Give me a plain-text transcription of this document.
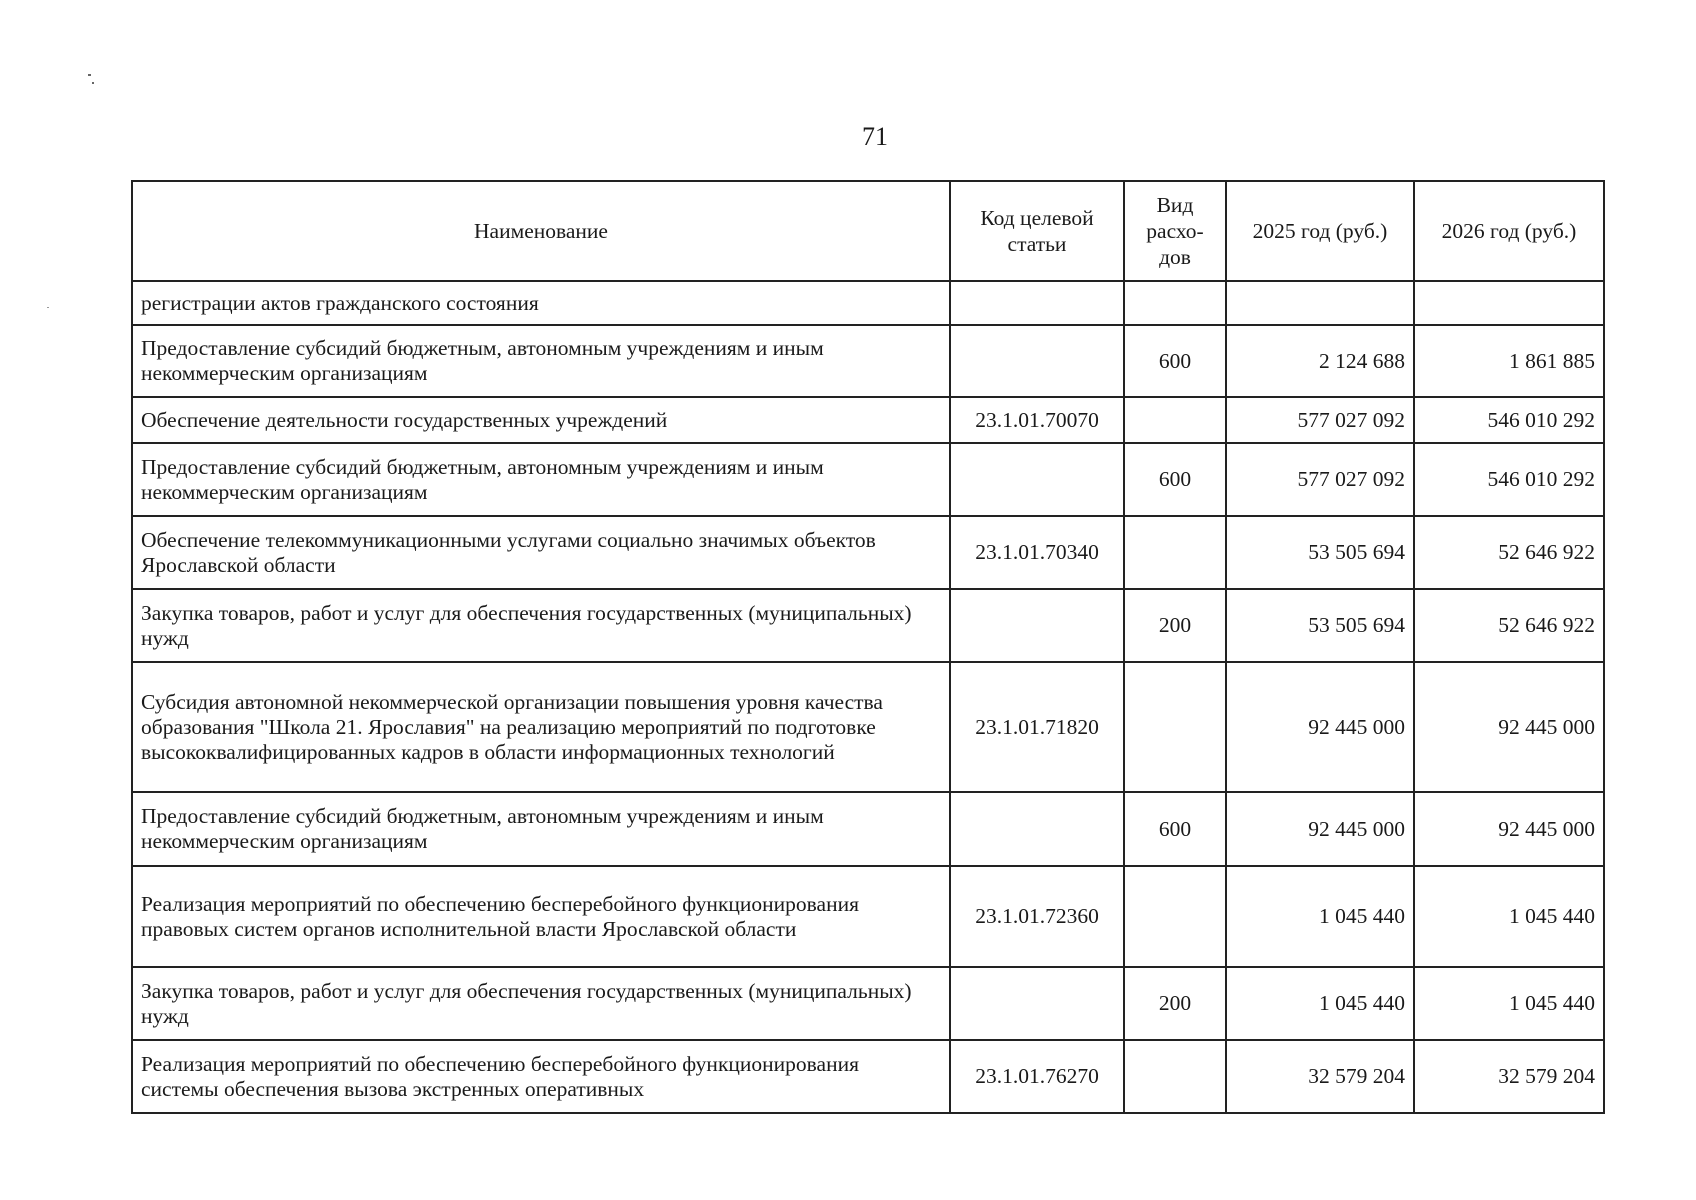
71
Наименование	Код целевой статьи	Вид расхо-дов	2025 год (руб.)	2026 год (руб.)
регистрации актов гражданского состояния				
Предоставление субсидий бюджетным, автономным учреждениям и иным некоммерческим организациям		600	2 124 688	1 861 885
Обеспечение деятельности государственных учреждений	23.1.01.70070		577 027 092	546 010 292
Предоставление субсидий бюджетным, автономным учреждениям и иным некоммерческим организациям		600	577 027 092	546 010 292
Обеспечение телекоммуникационными услугами социально значимых объектов Ярославской области	23.1.01.70340		53 505 694	52 646 922
Закупка товаров, работ и услуг для обеспечения государственных (муниципальных) нужд		200	53 505 694	52 646 922
Субсидия автономной некоммерческой организации повышения уровня качества образования "Школа 21. Ярославия" на реализацию мероприятий по подготовке высококвалифицированных кадров в области информационных технологий	23.1.01.71820		92 445 000	92 445 000
Предоставление субсидий бюджетным, автономным учреждениям и иным некоммерческим организациям		600	92 445 000	92 445 000
Реализация мероприятий по обеспечению бесперебойного функционирования правовых систем органов исполнительной власти Ярославской области	23.1.01.72360		1 045 440	1 045 440
Закупка товаров, работ и услуг для обеспечения государственных (муниципальных) нужд		200	1 045 440	1 045 440
Реализация мероприятий по обеспечению бесперебойного функционирования системы обеспечения вызова экстренных оперативных	23.1.01.76270		32 579 204	32 579 204
